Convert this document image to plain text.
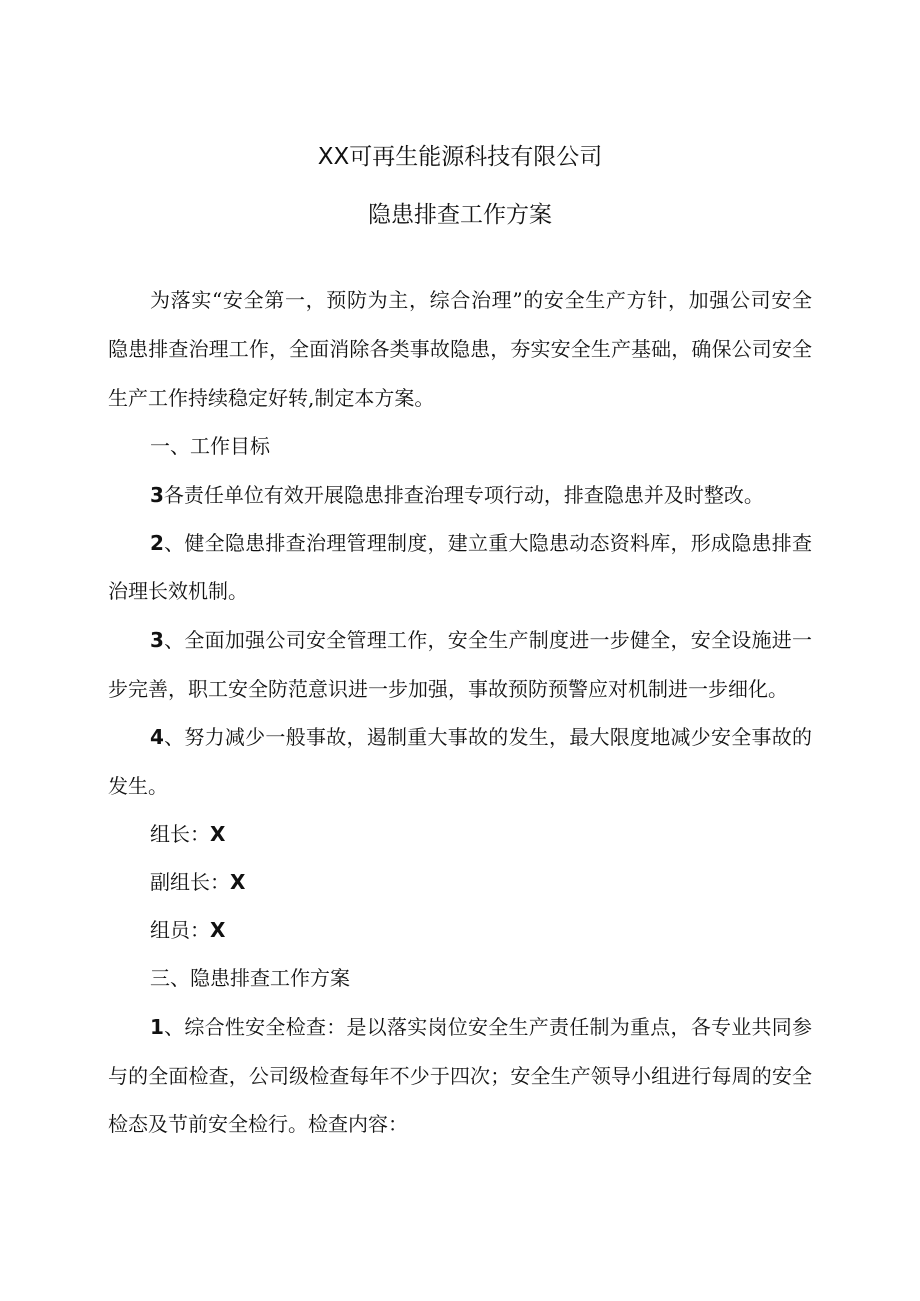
XX可再生能源科技有限公司
隐患排查工作方案
为落实“安全第一，预防为主，综合治理”的安全生产方针，加强公司安全
隐患排查治理工作，全面消除各类事故隐患，夯实安全生产基础，确保公司安全
生产工作持续稳定好转,制定本方案。
一、工作目标
3各责任单位有效开展隐患排查治理专项行动，排查隐患并及时整改。
2、健全隐患排查治理管理制度，建立重大隐患动态资料库，形成隐患排查
治理长效机制。
3、全面加强公司安全管理工作，安全生产制度进一步健全，安全设施进一
步完善，职工安全防范意识进一步加强，事故预防预警应对机制进一步细化。
4、努力减少一般事故，遏制重大事故的发生，最大限度地减少安全事故的
发生。
组长：X
副组长：X
组员：X
三、隐患排查工作方案
1、综合性安全检查：是以落实岗位安全生产责任制为重点，各专业共同参
与的全面检查，公司级检查每年不少于四次；安全生产领导小组进行每周的安全
检态及节前安全检行。检查内容：
